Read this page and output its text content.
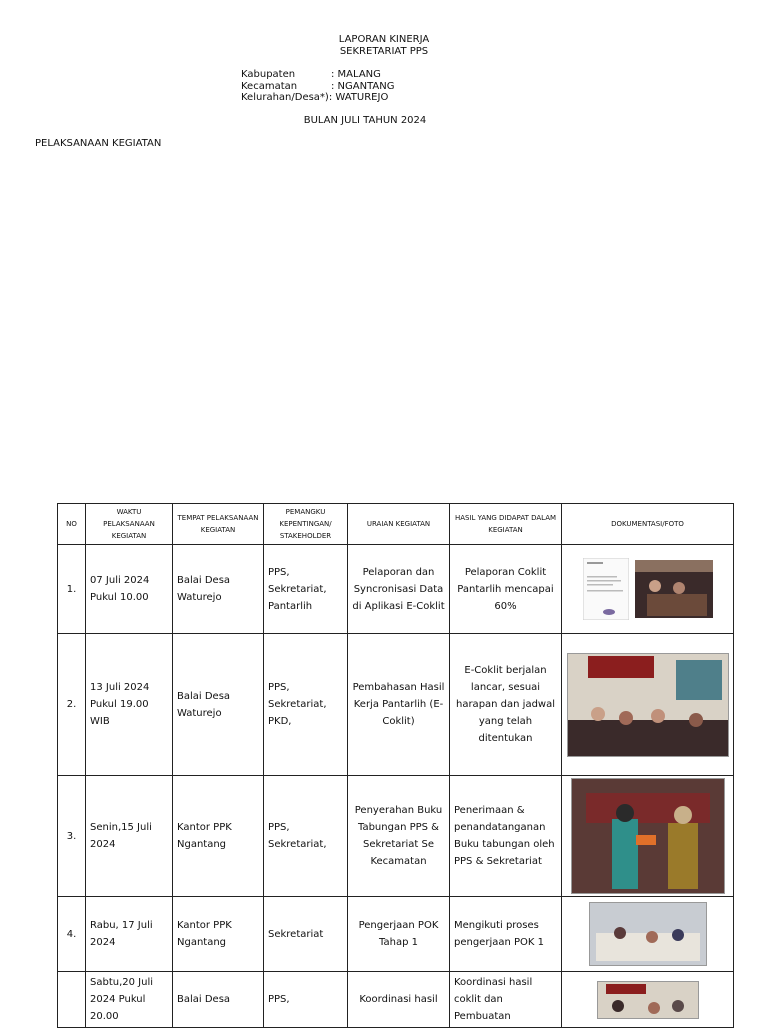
LAPORAN KINERJA
SEKRETARIAT PPS
Kabupaten	: MALANG
Kecamatan	: NGANTANG
Kelurahan/Desa*) : WATUREJO
BULAN JULI TAHUN 2024
PELAKSANAAN KEGIATAN
NO	WAKTU PELAKSANAAN KEGIATAN	TEMPAT PELAKSANAAN KEGIATAN	PEMANGKU KEPENTINGAN/ STAKEHOLDER	URAIAN KEGIATAN	HASIL YANG DIDAPAT DALAM KEGIATAN	DOKUMENTASI/FOTO
1.	07 Juli 2024 Pukul 10.00	Balai Desa Waturejo	PPS, Sekretariat, Pantarlih	Pelaporan dan Syncronisasi Data di Aplikasi E-Coklit	Pelaporan Coklit Pantarlih mencapai 60%	

2.	13 Juli 2024 Pukul 19.00 WIB	Balai Desa Waturejo	PPS, Sekretariat, PKD,	Pembahasan Hasil Kerja Pantarlih (E-Coklit)	E-Coklit berjalan lancar, sesuai harapan dan jadwal yang telah ditentukan	

3.	Senin,15 Juli 2024	Kantor PPK Ngantang	PPS, Sekretariat,	Penyerahan Buku Tabungan PPS & Sekretariat Se Kecamatan	Penerimaan & penandatanganan Buku tabungan oleh PPS & Sekretariat	

4.	Rabu, 17 Juli 2024	Kantor PPK Ngantang	Sekretariat	Pengerjaan POK Tahap 1	Mengikuti proses pengerjaan POK 1	

	Sabtu,20 Juli 2024 Pukul 20.00	Balai Desa	PPS,	Koordinasi hasil	Koordinasi hasil coklit dan Pembuatan	
